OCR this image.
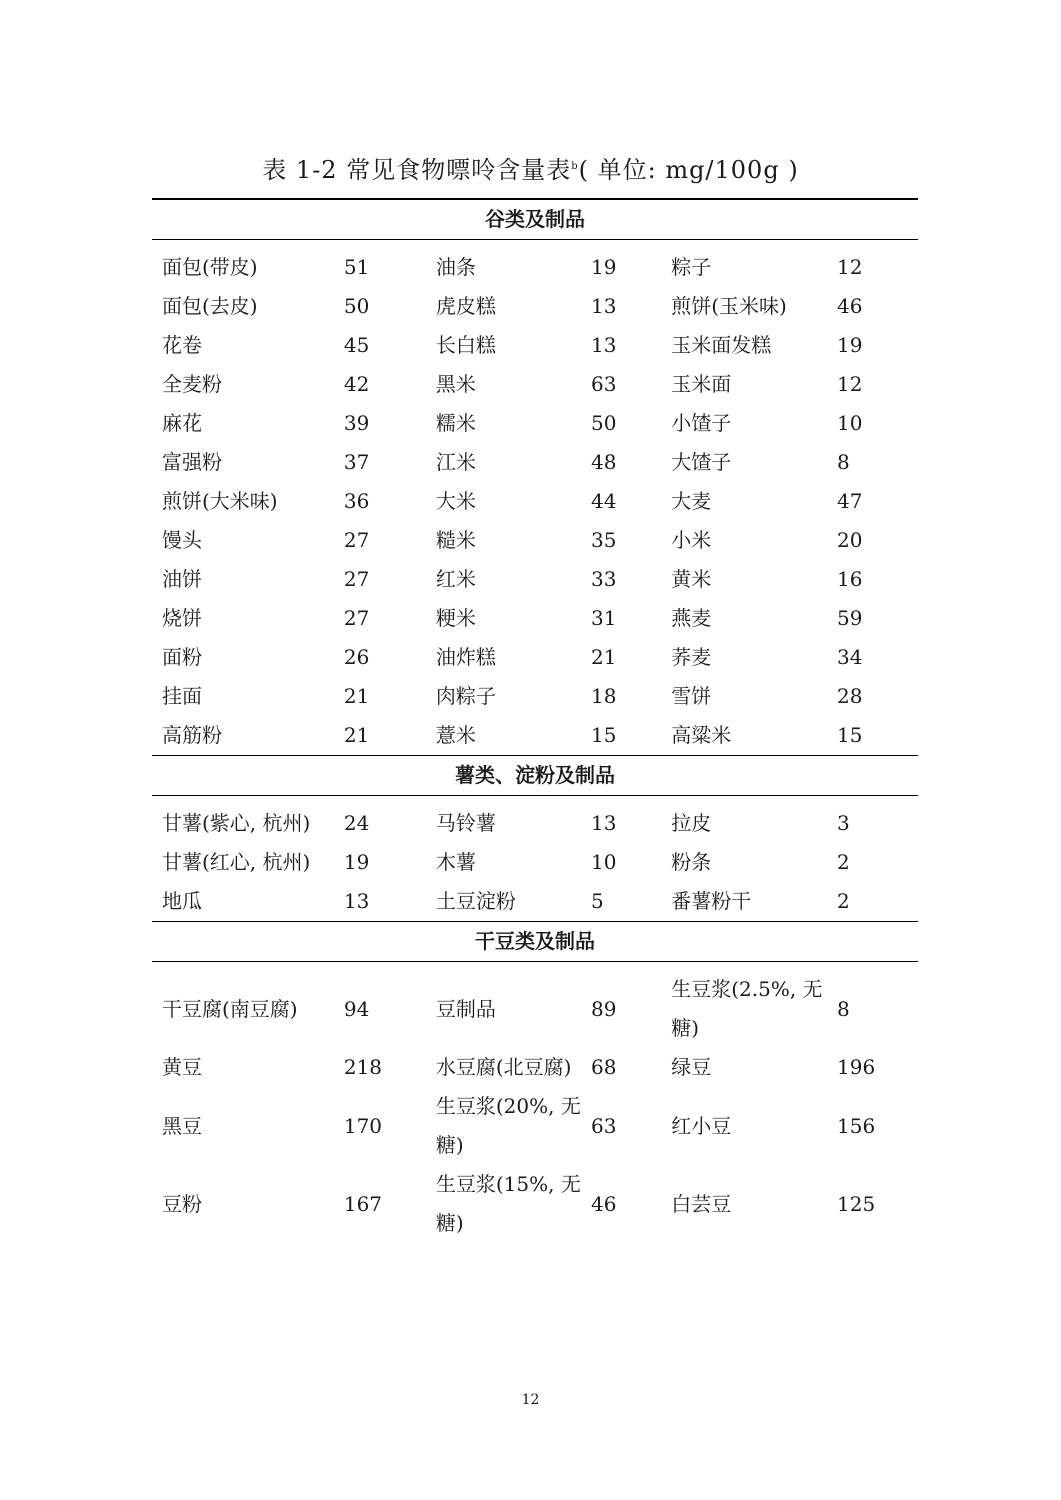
表 1-2 常见食物嘌呤含量表$^b$( 单位: mg/100g )

谷类及制品					

面包(带皮)	51	油条	19	粽子	12
面包(去皮)	50	虎皮糕	13	煎饼(玉米味)	46
花卷	45	长白糕	13	玉米面发糕	19
全麦粉	42	黑米	63	玉米面	12
麻花	39	糯米	50	小馇子	10
富强粉	37	江米	48	大馇子	8
煎饼(大米味)	36	大米	44	大麦	47
馒头	27	糙米	35	小米	20
油饼	27	红米	33	黄米	16
烧饼	27	粳米	31	燕麦	59
面粉	26	油炸糕	21	荞麦	34
挂面	21	肉粽子	18	雪饼	28
高筋粉	21	薏米	15	高粱米	15
薯类、淀粉及制品					

甘薯(紫心, 杭州)	24	马铃薯	13	拉皮	3
甘薯(红心, 杭州)	19	木薯	10	粉条	2
地瓜	13	土豆淀粉	5	番薯粉干	2
干豆类及制品					

干豆腐(南豆腐)	94	豆制品	89	生豆浆(2.5%, 无糖)	8
黄豆	218	水豆腐(北豆腐)	68	绿豆	196
黑豆	170	生豆浆(20%, 无糖)	63	红小豆	156
豆粉	167	生豆浆(15%, 无糖)	46	白芸豆	125
12
